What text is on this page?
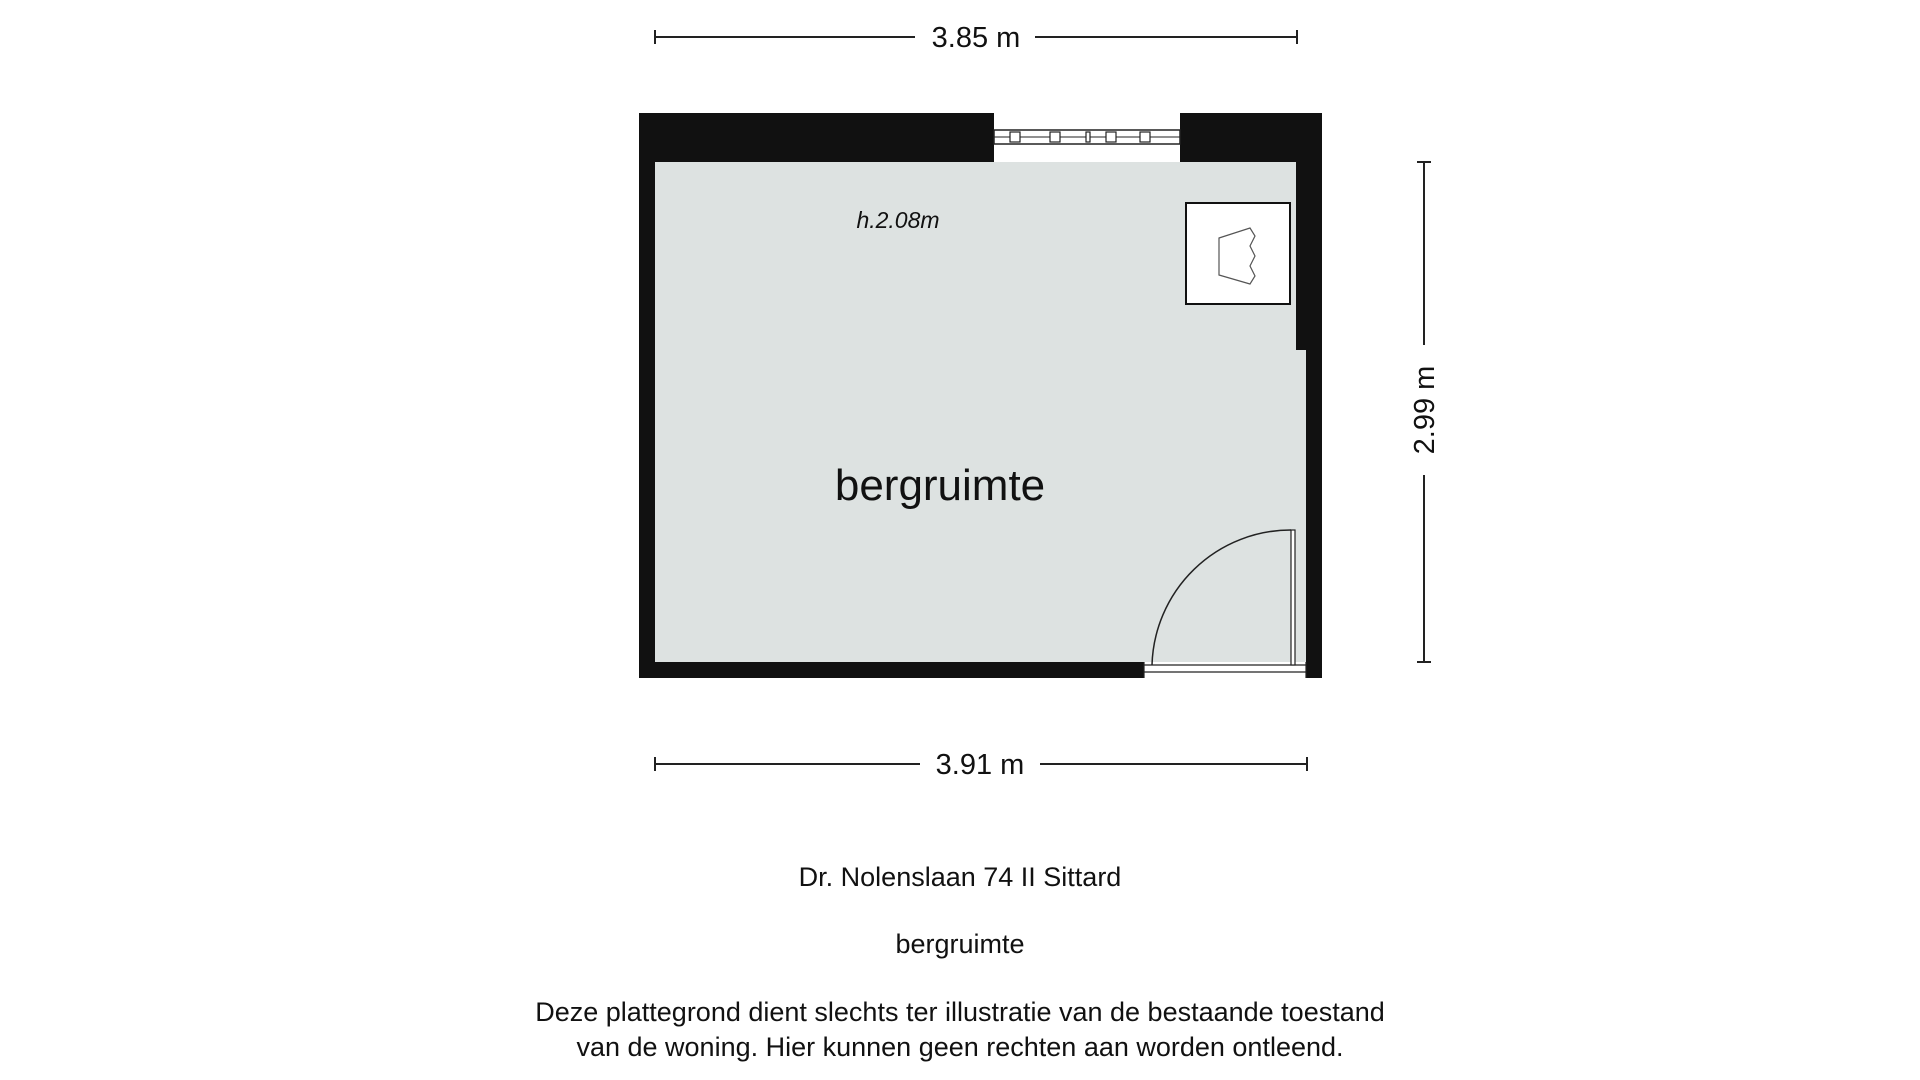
3.85 m
h.2.08m
bergruimte
3.91 m
2.99 m
Dr. Nolenslaan 74 II Sittard
bergruimte
Deze plattegrond dient slechts ter illustratie van de bestaande toestand
van de woning. Hier kunnen geen rechten aan worden ontleend.
